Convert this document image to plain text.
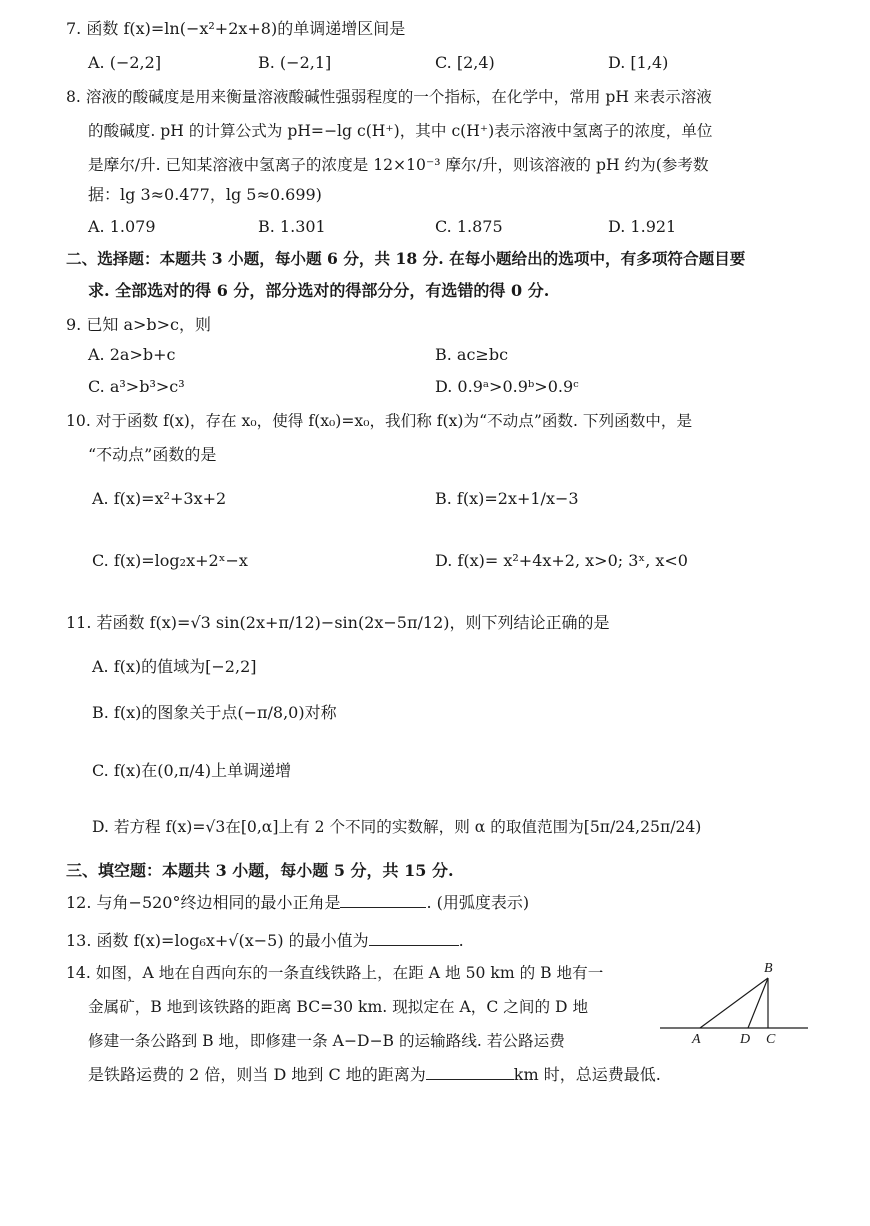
7. 函数 f(x)=ln(−x²+2x+8)的单调递增区间是
A. (−2,2]	B. (−2,1]	C. [2,4)	D. [1,4)
8. 溶液的酸碱度是用来衡量溶液酸碱性强弱程度的一个指标，在化学中，常用 pH 来表示溶液
的酸碱度. pH 的计算公式为 pH=−lg c(H⁺)，其中 c(H⁺)表示溶液中氢离子的浓度，单位
是摩尔/升. 已知某溶液中氢离子的浓度是 12×10⁻³ 摩尔/升，则该溶液的 pH 约为(参考数
据：lg 3≈0.477，lg 5≈0.699)
A. 1.079	B. 1.301	C. 1.875	D. 1.921
二、选择题：本题共 3 小题，每小题 6 分，共 18 分. 在每小题给出的选项中，有多项符合题目要
求. 全部选对的得 6 分，部分选对的得部分分，有选错的得 0 分.
9. 已知 a>b>c，则
A. 2a>b+c	B. ac≥bc
C. a³>b³>c³	D. 0.9ᵃ>0.9ᵇ>0.9ᶜ
10. 对于函数 f(x)，存在 x₀，使得 f(x₀)=x₀，我们称 f(x)为“不动点”函数. 下列函数中，是
“不动点”函数的是
A. f(x)=x²+3x+2	B. f(x)=2x+1/x−3
C. f(x)=log₂x+2ˣ−x	D. f(x)= x²+4x+2, x>0; 3ˣ, x<0
11. 若函数 f(x)=√3 sin(2x+π/12)−sin(2x−5π/12)，则下列结论正确的是
A. f(x)的值域为[−2,2]
B. f(x)的图象关于点(−π/8,0)对称
C. f(x)在(0,π/4)上单调递增
D. 若方程 f(x)=√3在[0,α]上有 2 个不同的实数解，则 α 的取值范围为[5π/24,25π/24)
三、填空题：本题共 3 小题，每小题 5 分，共 15 分.
12. 与角−520°终边相同的最小正角是	. (用弧度表示)
13. 函数 f(x)=log₆x+√(x−5) 的最小值为	.
14. 如图，A 地在自西向东的一条直线铁路上，在距 A 地 50 km 的 B 地有一
金属矿，B 地到该铁路的距离 BC=30 km. 现拟定在 A，C 之间的 D 地
修建一条公路到 B 地，即修建一条 A−D−B 的运输路线. 若公路运费
是铁路运费的 2 倍，则当 D 地到 C 地的距离为	km 时，总运费最低.
B
A	D C
